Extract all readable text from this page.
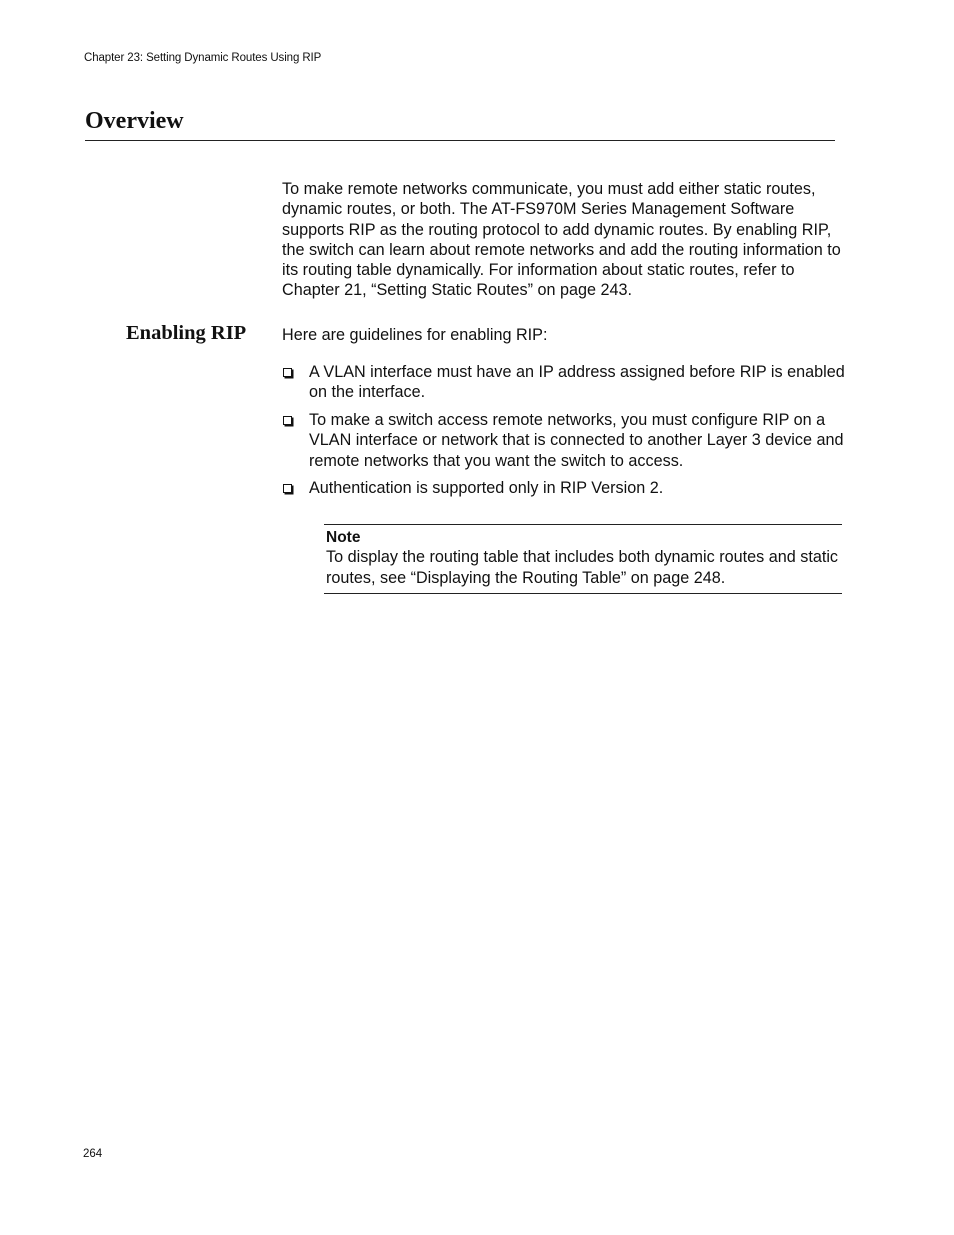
Chapter 23: Setting Dynamic Routes Using RIP
Overview

To make remote networks communicate, you must add either static routes, dynamic routes, or both. The AT-FS970M Series Management Software supports RIP as the routing protocol to add dynamic routes. By enabling RIP, the switch can learn about remote networks and add the routing information to its routing table dynamically. For information about static routes, refer to Chapter 21, “Setting Static Routes” on page 243.

Enabling RIP Here are guidelines for enabling RIP:

A VLAN interface must have an IP address assigned before RIP is enabled on the interface.

To make a switch access remote networks, you must configure RIP on a VLAN interface or network that is connected to another Layer 3 device and remote networks that you want the switch to access.

Authentication is supported only in RIP Version 2.

Note

To display the routing table that includes both dynamic routes and static routes, see “Displaying the Routing Table” on page 248.

264
